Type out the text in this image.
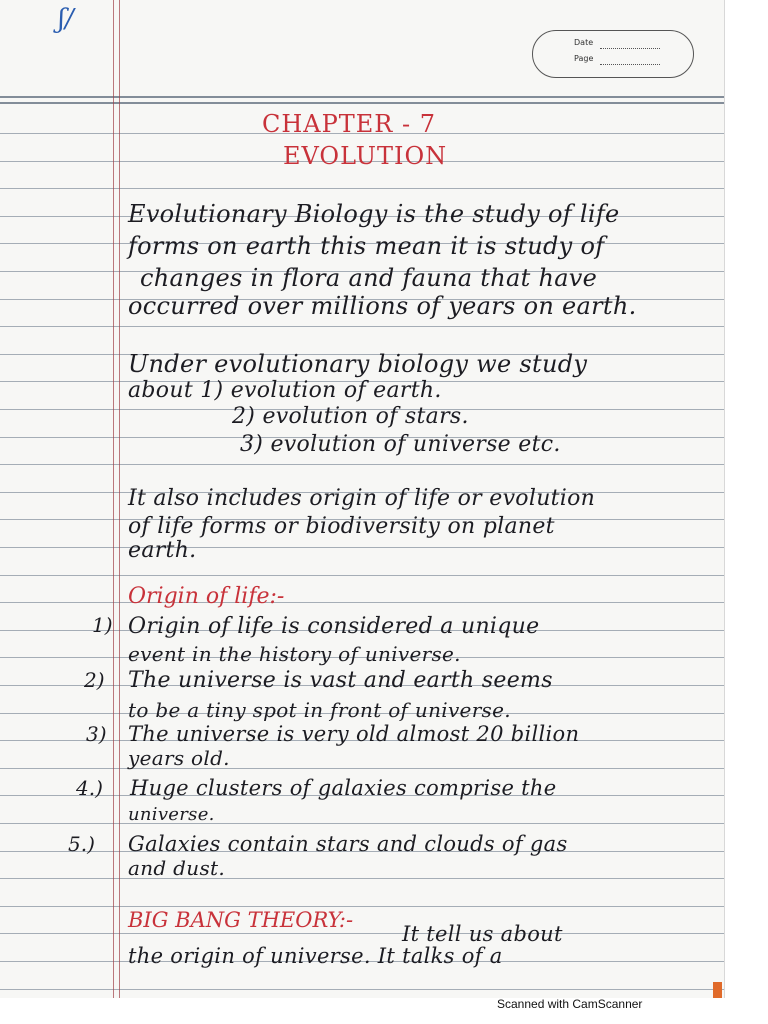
ʃ/
Date
Page
CHAPTER - 7
EVOLUTION
Evolutionary Biology is the study of life
forms on earth this mean it is study of
changes in flora and fauna that have
occurred over millions of years on earth.
Under evolutionary biology we study
about 1) evolution of earth.
2) evolution of stars.
3) evolution of universe etc.
It also includes origin of life or evolution
of life forms or biodiversity on planet
earth.
Origin of life:-
1) Origin of life is considered a unique
event in the history of universe.
2) The universe is vast and earth seems
to be a tiny spot in front of universe.
3) The universe is very old almost 20 billion
years old.
4.) Huge clusters of galaxies comprise the
universe.
5.) Galaxies contain stars and clouds of gas
and dust.
BIG BANG THEORY:-
It tell us about
the origin of universe. It talks of a
Scanned with CamScanner
